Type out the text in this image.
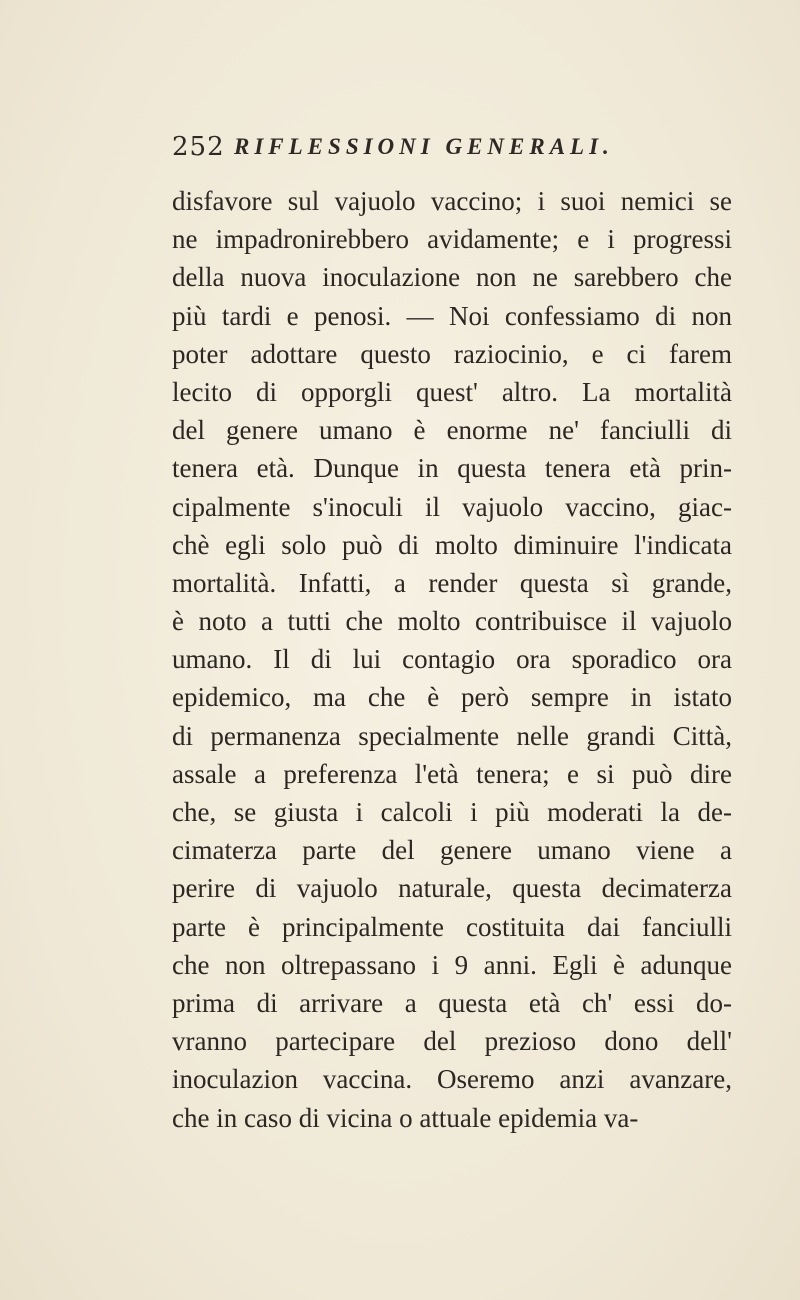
252 RIFLESSIONI GENERALI.
disfavore sul vajuolo vaccino; i suoi nemici se
ne impadronirebbero avidamente; e i progressi
della nuova inoculazione non ne sarebbero che
più tardi e penosi. — Noi confessiamo di non
poter adottare questo raziocinio, e ci farem
lecito di opporgli quest' altro. La mortalità
del genere umano è enorme ne' fanciulli di
tenera età. Dunque in questa tenera età prin-
cipalmente s'inoculi il vajuolo vaccino, giac-
chè egli solo può di molto diminuire l'indicata
mortalità. Infatti, a render questa sì grande,
è noto a tutti che molto contribuisce il vajuolo
umano. Il di lui contagio ora sporadico ora
epidemico, ma che è però sempre in istato
di permanenza specialmente nelle grandi Città,
assale a preferenza l'età tenera; e si può dire
che, se giusta i calcoli i più moderati la de-
cimaterza parte del genere umano viene a
perire di vajuolo naturale, questa decimaterza
parte è principalmente costituita dai fanciulli
che non oltrepassano i 9 anni. Egli è adunque
prima di arrivare a questa età ch' essi do-
vranno partecipare del prezioso dono dell'
inoculazion vaccina. Oseremo anzi avanzare,
che in caso di vicina o attuale epidemia va-
